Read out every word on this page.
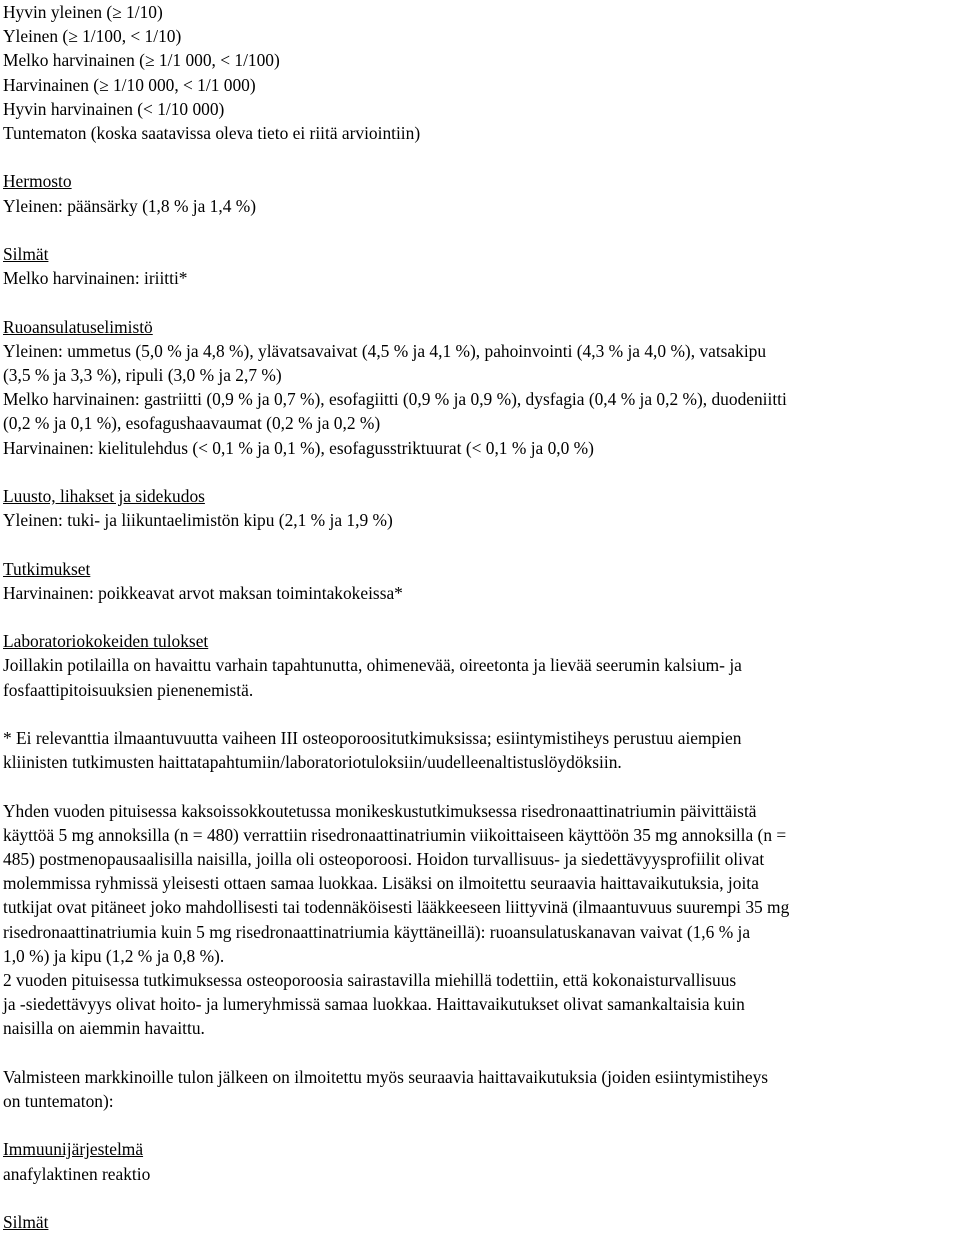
Hyvin yleinen (≥ 1/10)
Yleinen (≥ 1/100, < 1/10)
Melko harvinainen (≥ 1/1 000, < 1/100)
Harvinainen (≥ 1/10 000, < 1/1 000)
Hyvin harvinainen (< 1/10 000)
Tuntematon (koska saatavissa oleva tieto ei riitä arviointiin)
Hermosto
Yleinen: päänsärky (1,8 % ja 1,4 %)
Silmät
Melko harvinainen: iriitti*
Ruoansulatuselimistö
Yleinen: ummetus (5,0 % ja 4,8 %), ylävatsavaivat (4,5 % ja 4,1 %), pahoinvointi (4,3 % ja 4,0 %), vatsakipu
(3,5 % ja 3,3 %), ripuli (3,0 % ja 2,7 %)
Melko harvinainen: gastriitti (0,9 % ja 0,7 %), esofagiitti (0,9 % ja 0,9 %), dysfagia (0,4 % ja 0,2 %), duodeniitti
(0,2 % ja 0,1 %), esofagushaavaumat (0,2 % ja 0,2 %)
Harvinainen: kielitulehdus (< 0,1 % ja 0,1 %), esofagusstriktuurat (< 0,1 % ja 0,0 %)
Luusto, lihakset ja sidekudos
Yleinen: tuki- ja liikuntaelimistön kipu (2,1 % ja 1,9 %)
Tutkimukset
Harvinainen: poikkeavat arvot maksan toimintakokeissa*
Laboratoriokokeiden tulokset
Joillakin potilailla on havaittu varhain tapahtunutta, ohimenevää, oireetonta ja lievää seerumin kalsium- ja
fosfaattipitoisuuksien pienenemistä.
* Ei relevanttia ilmaantuvuutta vaiheen III osteoporoositutkimuksissa; esiintymistiheys perustuu aiempien
kliinisten tutkimusten haittatapahtumiin/laboratoriotuloksiin/uudelleenaltistuslöydöksiin.
Yhden vuoden pituisessa kaksoissokkoutetussa monikeskustutkimuksessa risedronaattinatriumin päivittäistä
käyttöä 5 mg annoksilla (n = 480) verrattiin risedronaattinatriumin viikoittaiseen käyttöön 35 mg annoksilla (n =
485) postmenopausaalisilla naisilla, joilla oli osteoporoosi. Hoidon turvallisuus- ja siedettävyysprofiilit olivat
molemmissa ryhmissä yleisesti ottaen samaa luokkaa. Lisäksi on ilmoitettu seuraavia haittavaikutuksia, joita
tutkijat ovat pitäneet joko mahdollisesti tai todennäköisesti lääkkeeseen liittyvinä (ilmaantuvuus suurempi 35 mg
risedronaattinatriumia kuin 5 mg risedronaattinatriumia käyttäneillä): ruoansulatuskanavan vaivat (1,6 % ja
1,0 %) ja kipu (1,2 % ja 0,8 %).
2 vuoden pituisessa tutkimuksessa osteoporoosia sairastavilla miehillä todettiin, että kokonaisturvallisuus
ja -siedettävyys olivat hoito- ja lumeryhmissä samaa luokkaa. Haittavaikutukset olivat samankaltaisia kuin
naisilla on aiemmin havaittu.
Valmisteen markkinoille tulon jälkeen on ilmoitettu myös seuraavia haittavaikutuksia (joiden esiintymistiheys
on tuntematon):
Immuunijärjestelmä
anafylaktinen reaktio
Silmät
